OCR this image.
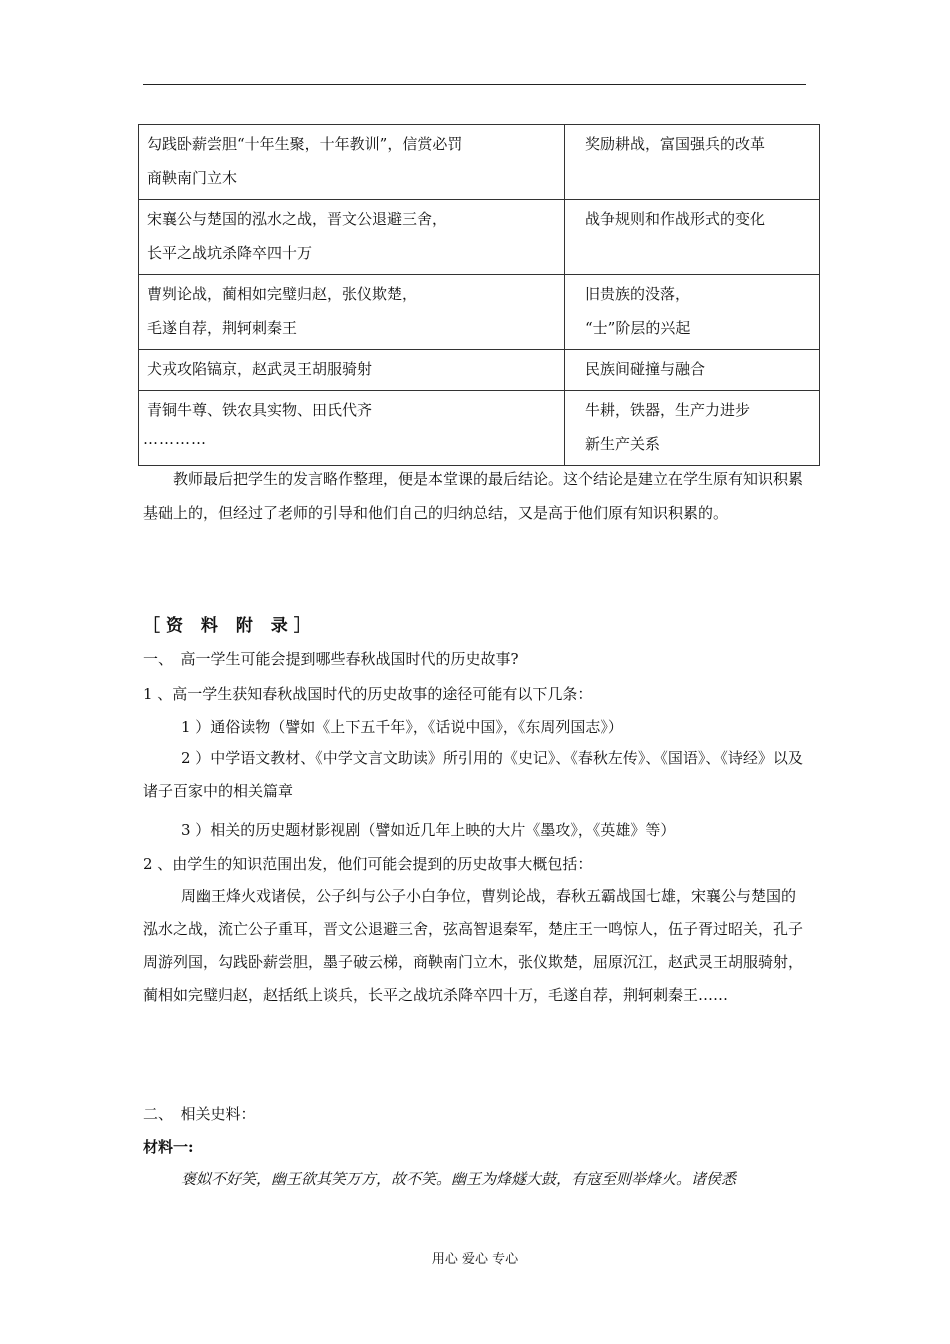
勾践卧薪尝胆“十年生聚，十年教训”，信赏必罚
商鞅南门立木	奖励耕战，富国强兵的改革

宋襄公与楚国的泓水之战，晋文公退避三舍，
长平之战坑杀降卒四十万	战争规则和作战形式的变化

曹刿论战，蔺相如完璧归赵，张仪欺楚，
毛遂自荐，荆轲刺秦王	旧贵族的没落，
“士”阶层的兴起

犬戎攻陷镐京，赵武灵王胡服骑射	民族间碰撞与融合

青铜牛尊、铁农具实物、田氏代齐	牛耕，铁器，生产力进步
新生产关系
…………
教师最后把学生的发言略作整理，便是本堂课的最后结论。这个结论是建立在学生原有知识积累基础上的，但经过了老师的引导和他们自己的归纳总结，又是高于他们原有知识积累的。
［资 料 附 录］
一、　高一学生可能会提到哪些春秋战国时代的历史故事?
1 、高一学生获知春秋战国时代的历史故事的途径可能有以下几条：
1 ）通俗读物（譬如《上下五千年》，《话说中国》，《东周列国志》）
2 ）中学语文教材、《中学文言文助读》所引用的《史记》、《春秋左传》、《国语》、《诗经》以及诸子百家中的相关篇章
3 ）相关的历史题材影视剧（譬如近几年上映的大片《墨攻》，《英雄》等）
2 、由学生的知识范围出发，他们可能会提到的历史故事大概包括：
周幽王烽火戏诸侯，公子纠与公子小白争位，曹刿论战，春秋五霸战国七雄，宋襄公与楚国的泓水之战，流亡公子重耳，晋文公退避三舍，弦高智退秦军，楚庄王一鸣惊人，伍子胥过昭关，孔子周游列国，勾践卧薪尝胆，墨子破云梯，商鞅南门立木，张仪欺楚，屈原沉江，赵武灵王胡服骑射，蔺相如完璧归赵，赵括纸上谈兵，长平之战坑杀降卒四十万，毛遂自荐，荆轲刺秦王……
二、　相关史料：
材料一:
褒姒不好笑，幽王欲其笑万方，故不笑。幽王为烽燧大鼓，有寇至则举烽火。诸侯悉
用心 爱心 专心
